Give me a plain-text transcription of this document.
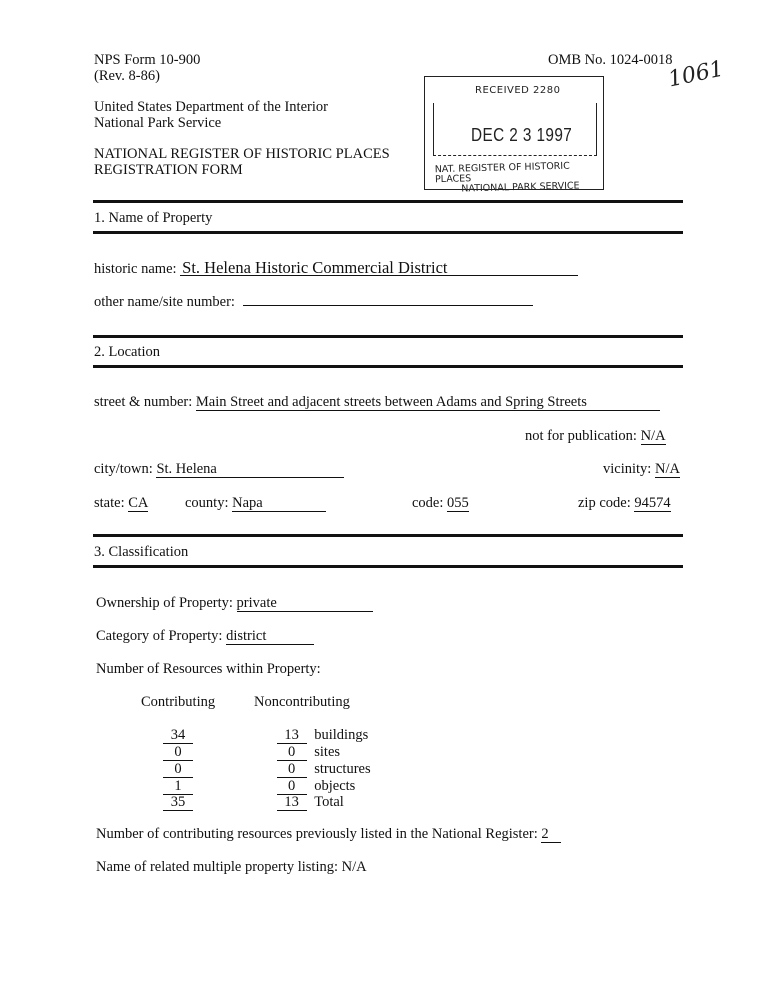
NPS Form 10-900
(Rev. 8-86)
OMB No. 1024-0018
1061
United States Department of the Interior
National Park Service
NATIONAL REGISTER OF HISTORIC PLACES
REGISTRATION FORM
RECEIVED 2280
DEC 2 3 1997
NAT. REGISTER OF HISTORIC PLACES
NATIONAL PARK SERVICE
1. Name of Property
historic name: St. Helena Historic Commercial District
other name/site number:
2. Location
street & number: Main Street and adjacent streets between Adams and Spring Streets
not for publication: N/A
city/town: St. Helena	vicinity: N/A
state: CA	county: Napa	code: 055	zip code: 94574
3. Classification
Ownership of Property: private
Category of Property: district
Number of Resources within Property:
Contributing	Noncontributing
34	13 buildings
0	0 sites
0	0 structures
1	0 objects
35	13 Total
Number of contributing resources previously listed in the National Register: 2
Name of related multiple property listing: N/A
